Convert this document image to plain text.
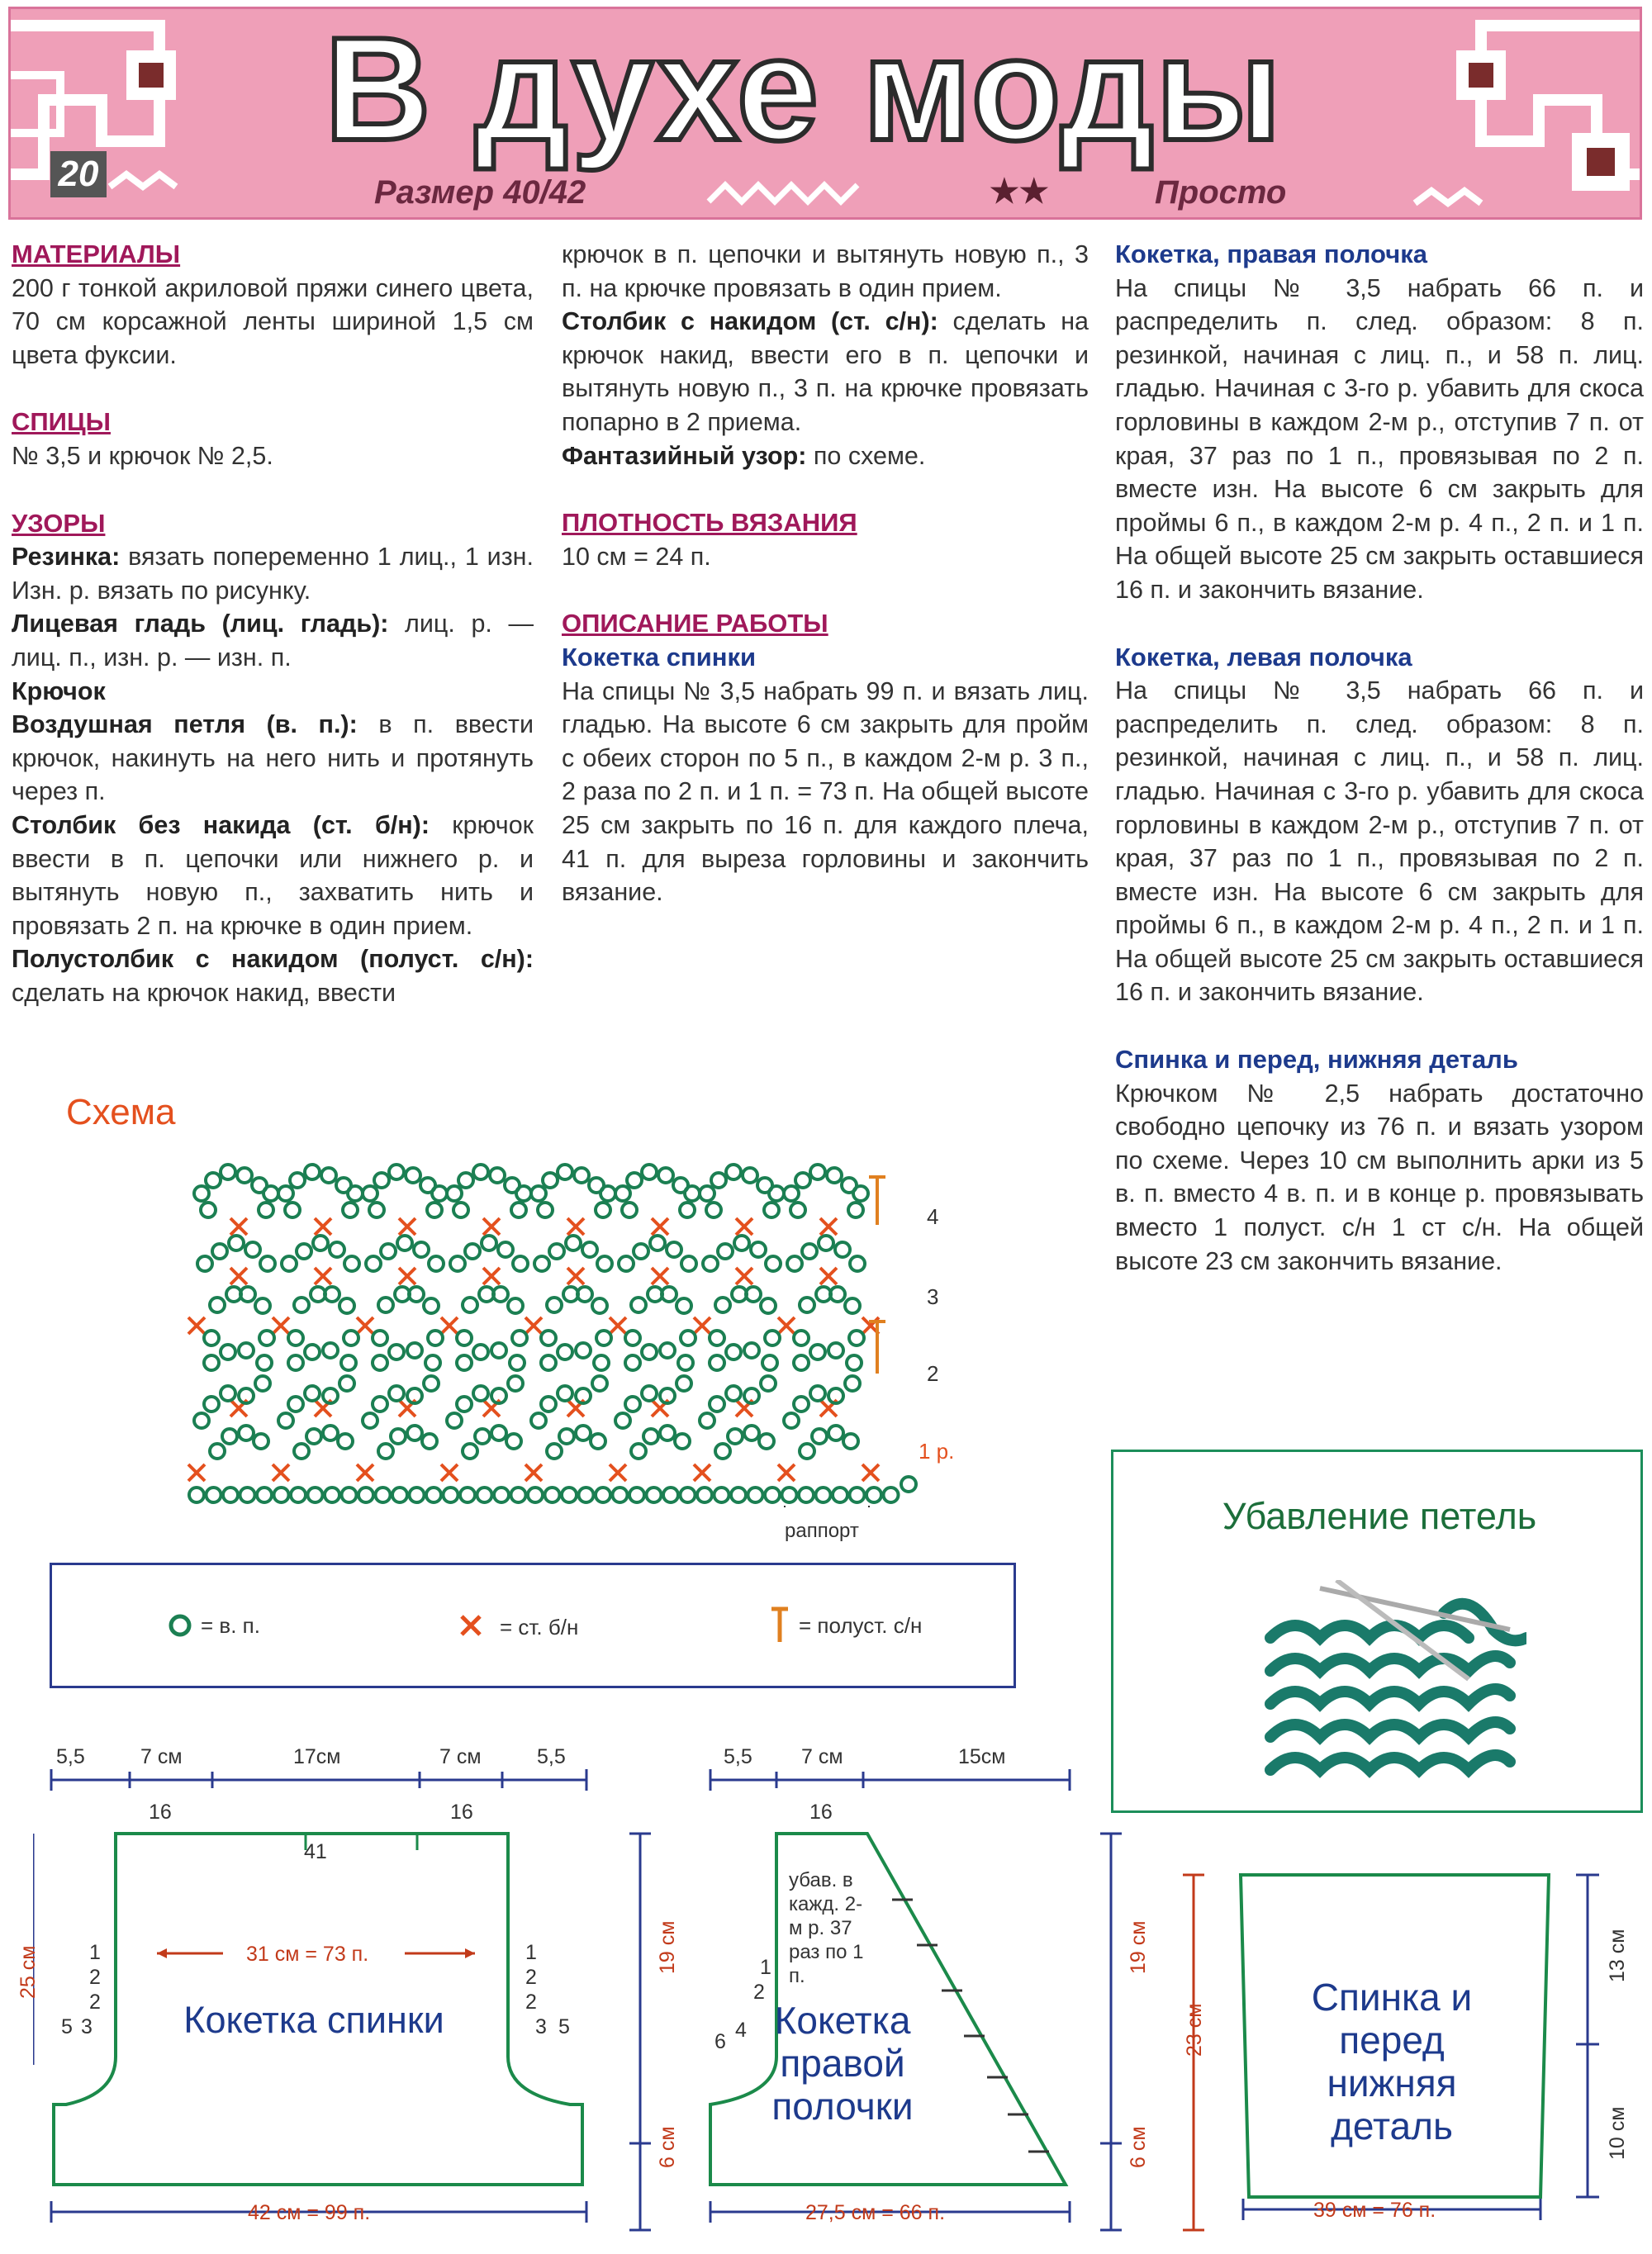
20
В духе моды
Размер 40/42	★★	Просто
МАТЕРИАЛЫ

200 г тонкой акриловой пряжи синего цвета, 70 см корсажной ленты шириной 1,5 см цвета фуксии.

СПИЦЫ

№ 3,5 и крючок № 2,5.

УЗОРЫ

Резинка: вязать попеременно 1 лиц., 1 изн. Изн. р. вязать по рисунку.

Лицевая гладь (лиц. гладь): лиц. р. — лиц. п., изн. р. — изн. п.

Крючок

Воздушная петля (в. п.): в п. ввести крючок, накинуть на него нить и протянуть через п.

Столбик без накида (ст. б/н): крючок ввести в п. цепочки или нижнего р. и вытянуть новую п., захватить нить и провязать 2 п. на крючке в один прием.

Полустолбик с накидом (полуст. с/н): сделать на крючок накид, ввести

крючок в п. цепочки и вытянуть новую п., 3 п. на крючке провязать в один прием.

Столбик с накидом (ст. с/н): сделать на крючок накид, ввести его в п. цепочки и вытянуть новую п., 3 п. на крючке провязать попарно в 2 приема.

Фантазийный узор: по схеме.

ПЛОТНОСТЬ ВЯЗАНИЯ

10 см = 24 п.

ОПИСАНИЕ РАБОТЫ
Кокетка спинки

На спицы № 3,5 набрать 99 п. и вязать лиц. гладью. На высоте 6 см закрыть для пройм с обеих сторон по 5 п., в каждом 2-м р. 3 п., 2 раза по 2 п. и 1 п. = 73 п. На общей высоте 25 см закрыть по 16 п. для каждого плеча, 41 п. для выреза горловины и закончить вязание.

Кокетка, правая полочка

На спицы № 3,5 набрать 66 п. и распределить п. след. образом: 8 п. резинкой, начиная с лиц. п., и 58 п. лиц. гладью. Начиная с 3-го р. убавить для скоса горловины в каждом 2-м р., отступив 7 п. от края, 37 раз по 1 п., провязывая по 2 п. вместе изн. На высоте 6 см закрыть для проймы 6 п., в каждом 2-м р. 4 п., 2 п. и 1 п. На общей высоте 25 см закрыть оставшиеся 16 п. и закончить вязание.

Кокетка, левая полочка

На спицы № 3,5 набрать 66 п. и распределить п. след. образом: 8 п. резинкой, начиная с лиц. п., и 58 п. лиц. гладью. Начиная с 3-го р. убавить для скоса горловины в каждом 2-м р., отступив 7 п. от края, 37 раз по 1 п., провязывая по 2 п. вместе изн. На высоте 6 см закрыть для проймы 6 п., в каждом 2-м р. 4 п., 2 п. и 1 п. На общей высоте 25 см закрыть оставшиеся 16 п. и закончить вязание.

Спинка и перед, нижняя деталь

Крючком № 2,5 набрать достаточно свободно цепочку из 76 п. и вязать узором по схеме. Через 10 см выполнить арки из 5 в. п. вместо 4 в. п. и в конце р. провязывать вместо 1 полуст. с/н 1 ст с/н. На общей высоте 23 см закончить вязание.

Схема
4
3
2
1 р.
раппорт
= в. п.	= ст. б/н	= полуст. с/н
Убавление петель
5,5	7 см	17см	7 см	5,5
16	16
41
31 см = 73 п.
1
2
2
3
5
1
2
2
3 5
25 см
Кокетка спинки
42 см = 99 п.
19 см
6 см
5,5 7 см	15см
16
убав. в кажд. 2-м р. 37 раз по 1 п.
1
2
4
6	Кокетка правой полочки
27,5 см = 66 п.
19 см
6 см
23 см
Спинка и перед нижняя деталь
13 см
10 см
39 см = 76 п.
